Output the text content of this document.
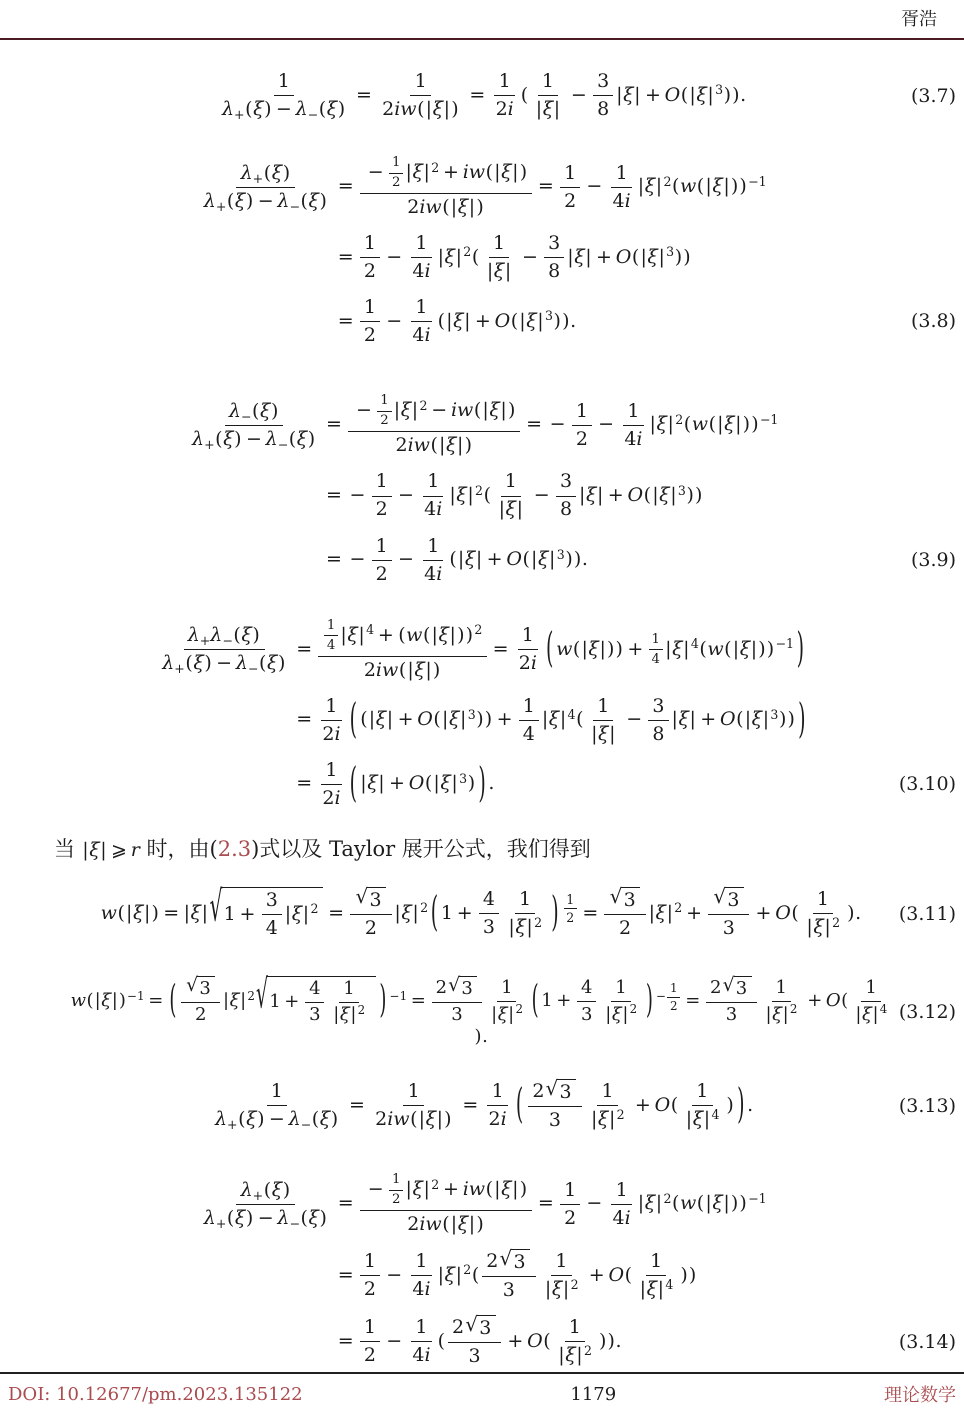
胥浩
$\frac{1}{\lambda_+(\xi) - \lambda_-(\xi)} = \frac{1}{2iw(|\xi|)} = \frac{1}{2i}$ ( $\frac{1}{|\xi|} - \frac{3}{8} |\xi| + O(|\xi|^3)$).	(3.7)
$\frac{\lambda_+(\xi)}{\lambda_+(\xi) - \lambda_-(\xi)} = \frac{- \frac{1}{2} |\xi|^2 + iw(|\xi|)}{2iw(|\xi|)} = \frac{1}{2} - \frac{1}{4i} |\xi|^2(w(|\xi|))^{-1}$
= $\frac{1}{2} - \frac{1}{4i} |\xi|^2( \frac{1}{|\xi|} - \frac{3}{8} |\xi| + O(|\xi|^3))$
= $\frac{1}{2} - \frac{1}{4i} (|\xi| + O(|\xi|^3))$.	(3.8)
$\frac{\lambda_-(\xi)}{\lambda_+(\xi) - \lambda_-(\xi)} = \frac{- \frac{1}{2} |\xi|^2 - iw(|\xi|)}{2iw(|\xi|)}$ = − $\frac{1}{2} - \frac{1}{4i} |\xi|^2(w(|\xi|))^{-1}$
= − $\frac{1}{2} - \frac{1}{4i} |\xi|^2( \frac{1}{|\xi|} - \frac{3}{8} |\xi| + O(|\xi|^3))$
= − $\frac{1}{2} - \frac{1}{4i} (|\xi| + O(|\xi|^3))$.	(3.9)
$\frac{\lambda_+\lambda_-(\xi)}{\lambda_+(\xi) - \lambda_-(\xi)} = \frac{\frac{1}{4} |\xi|^4 + (w(|\xi|))^2}{2iw(|\xi|)} = \frac{1}{2i}$ ( $w(|\xi|)) + \frac{1}{4} |\xi|^4(w(|\xi|))^{-1}$ )
= $\frac{1}{2i}$ ( $(|\xi| + O(|\xi|^3)) + \frac{1}{4} |\xi|^4( \frac{1}{|\xi|} - \frac{3}{8} |\xi| + O(|\xi|^3))$ )
= $\frac{1}{2i}$ ( $|\xi| + O(|\xi|^3)$ ) .	(3.10)

当 |ξ| ⩾ r 时，由(2.3)式以及 Taylor 展开公式，我们得到

w(|ξ|) = |ξ| √ $1 + \frac{3}{4} |\xi|^2 = \frac{√ 3}{2} |\xi|^2$ ( $1 + \frac{4}{3} \frac{1}{|\xi|^2}$ ) $^{\frac{1}{2}} = \frac{√ 3}{2} |\xi|^2 + \frac{√ 3}{3} + O( \frac{1}{|\xi|^2}$ ). (3.11)
$w(|\xi|)^{-1}$ = ( $\frac{√ 3}{2} |\xi|^2$ √ $1 + \frac{4}{3} \frac{1}{|\xi|^2}$ ) $^{-1} = \frac{2 √ 3}{3} \frac{1}{|\xi|^2}$ ( $1 + \frac{4}{3} \frac{1}{|\xi|^2}$ ) $^{- \frac{1}{2}} = \frac{2 √ 3}{3} \frac{1}{|\xi|^2} + O( \frac{1}{|\xi|^4}$
).
(3.12)
$\frac{1}{\lambda_+(\xi) - \lambda_-(\xi)} = \frac{1}{2iw(|\xi|)} = \frac{1}{2i}$ ( $\frac{2 √ 3}{3} \frac{1}{|\xi|^2} + O( \frac{1}{|\xi|^4}$ ) ) .	(3.13)
$\frac{\lambda_+(\xi)}{\lambda_+(\xi) - \lambda_-(\xi)} = \frac{- \frac{1}{2} |\xi|^2 + iw(|\xi|)}{2iw(|\xi|)} = \frac{1}{2} - \frac{1}{4i} |\xi|^2(w(|\xi|))^{-1}$
= $\frac{1}{2} - \frac{1}{4i} |\xi|^2( \frac{2 √ 3}{3} \frac{1}{|\xi|^2} + O( \frac{1}{|\xi|^4}$ ))
= $\frac{1}{2} - \frac{1}{4i}$ ( $\frac{2 √ 3}{3} + O( \frac{1}{|\xi|^2}$ )).	(3.14)
DOI: 10.12677/pm.2023.135122	1179	理论数学
